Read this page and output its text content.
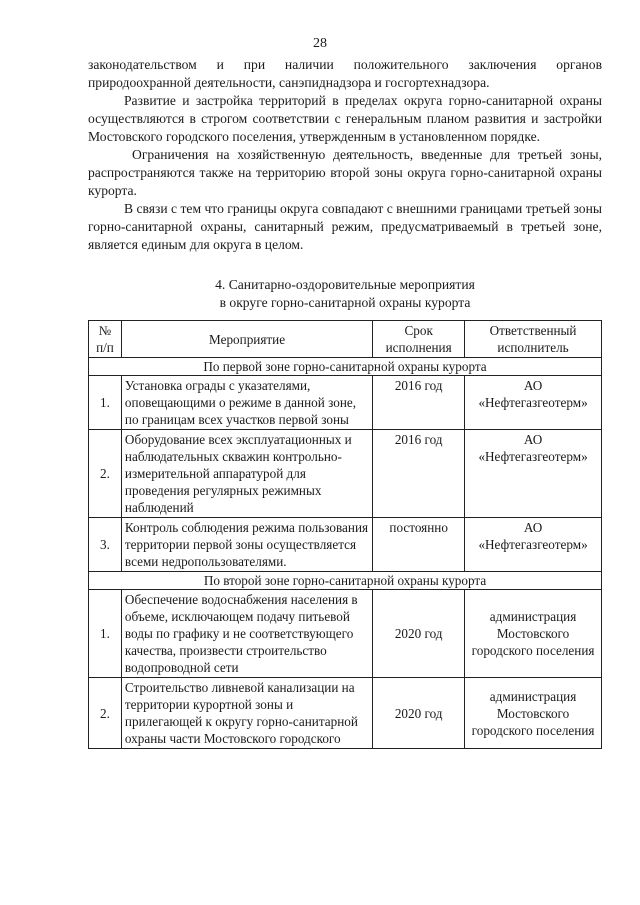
28

законодательством и при наличии положительного заключения органов природоохранной деятельности, санэпиднадзора и госгортехнадзора.

Развитие и застройка территорий в пределах округа горно-санитарной охраны осуществляются в строгом соответствии с генеральным планом развития и застройки Мостовского городского поселения, утвержденным в установленном порядке.

Ограничения на хозяйственную деятельность, введенные для третьей зоны, распространяются также на территорию второй зоны округа горно-санитарной охраны курорта.

В связи с тем что границы округа совпадают с внешними границами третьей зоны горно-санитарной охраны, санитарный режим, предусматриваемый в третьей зоне, является единым для округа в целом.

4. Санитарно-оздоровительные мероприятия
в округе горно-санитарной охраны курорта
№ п/п	Мероприятие	Срок исполнения	Ответственный исполнитель
По первой зоне горно-санитарной охраны курорта			
1.	Установка ограды с указателями, оповещающими о режиме в данной зоне, по границам всех участков первой зоны	2016 год	АО «Нефтегазгеотерм»
2.	Оборудование всех эксплуатационных и наблюдательных скважин контрольно-измерительной аппаратурой для проведения регулярных режимных наблюдений	2016 год	АО «Нефтегазгеотерм»
3.	Контроль соблюдения режима пользования территории первой зоны осуществляется всеми недропользователями.	постоянно	АО «Нефтегазгеотерм»
По второй зоне горно-санитарной охраны курорта			
1.	Обеспечение водоснабжения населения в объеме, исключающем подачу питьевой воды по графику и не соответствующего качества, произвести строительство водопроводной сети	2020 год	администрация Мостовского городского поселения
2.	Строительство ливневой канализации на территории курортной зоны и прилегающей к округу горно-санитарной охраны части Мостовского городского	2020 год	администрация Мостовского городского поселения
